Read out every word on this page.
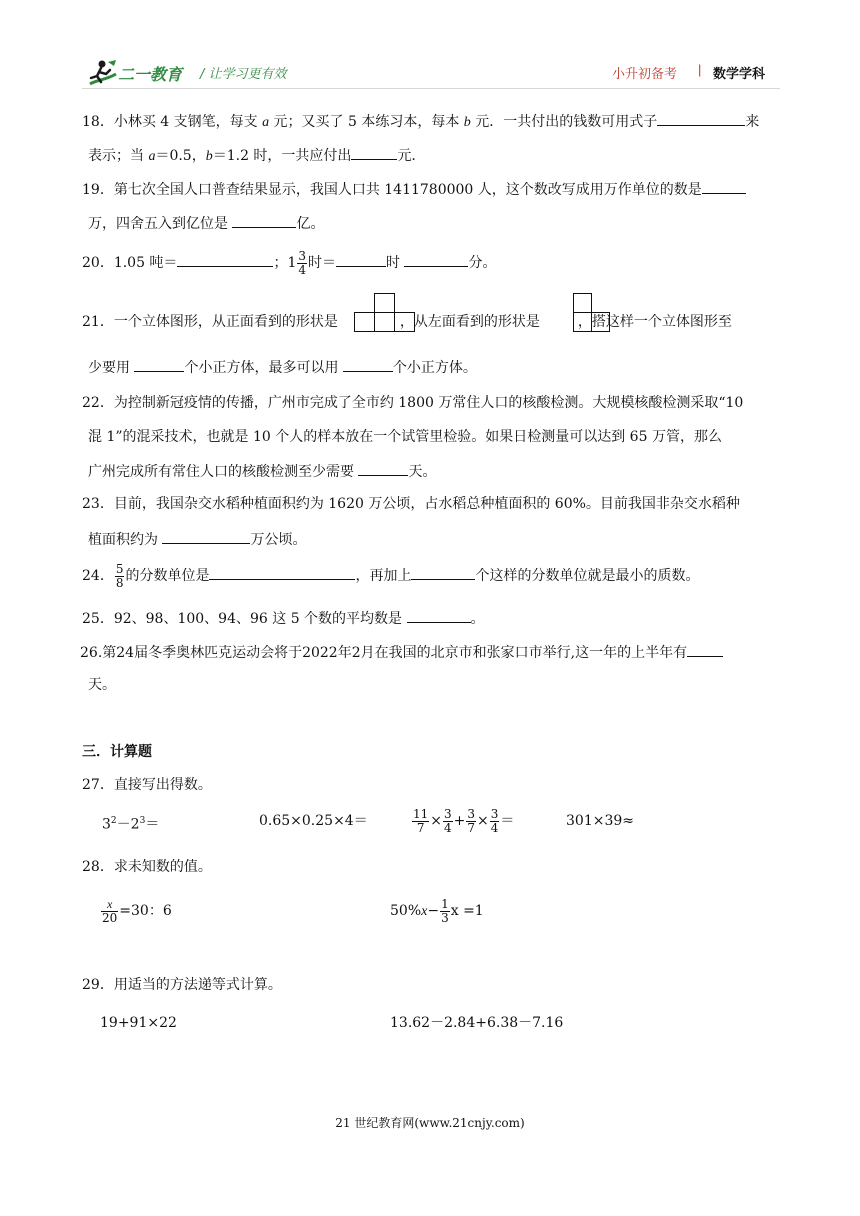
二一教育 / 让学习更有效	小升初备考 | 数学学科
18．小林买 4 支钢笔，每支 a 元；又买了 5 本练习本，每本 b 元．一共付出的钱数可用式子	来
表示；当 a＝0.5，b＝1.2 时，一共应付出	元.
19．第七次全国人口普查结果显示，我国人口共 1411780000 人，这个数改写成用万作单位的数是
万，四舍五入到亿位是	亿。
20．1.05 吨＝	；$1 \frac{3}{4}$ 时＝	时	分。
21．一个立体图形，从正面看到的形状是	，从左面看到的形状是	，搭这样一个立体图形至
少要用	个小正方体，最多可以用	个小正方体。
22．为控制新冠疫情的传播，广州市完成了全市约 1800 万常住人口的核酸检测。大规模核酸检测采取“10
混 1”的混采技术，也就是 10 个人的样本放在一个试管里检验。如果日检测量可以达到 65 万管，那么
广州完成所有常住人口的核酸检测至少需要	天。
23．目前，我国杂交水稻种植面积约为 1620 万公顷，占水稻总种植面积的 60%。目前我国非杂交水稻种
植面积约为	万公顷。
24． $\frac{5}{8}$ 的分数单位是	，再加上	个这样的分数单位就是最小的质数。
25．92、98、100、94、96 这 5 个数的平均数是	。
26.第24届冬季奥林匹克运动会将于2022年2月在我国的北京市和张家口市举行,这一年的上半年有
天。
三．计算题
27．直接写出得数。
$3^2-2^3=$	0.65×0.25×4＝	$\frac{11}{7} \times \frac{3}{4} + \frac{3}{7} \times \frac{3}{4}$ ＝	301×39≈
28．求未知数的值。
$\frac{x}{20} =30$：6	$50\%x- \frac{1}{3}$ x =1
29．用适当的方法递等式计算。
19+91×22	13.62－2.84+6.38－7.16
21 世纪教育网(www.21cnjy.com)
